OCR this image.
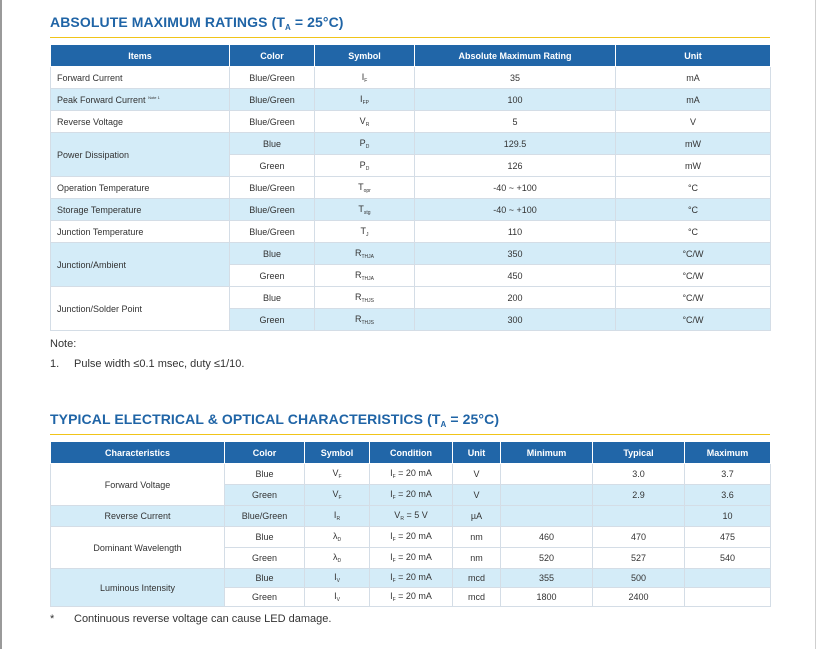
ABSOLUTE MAXIMUM RATINGS $(T_A = 25^\circ C)$
Items	Color	Symbol	Absolute Maximum Rating	Unit
Forward Current	Blue/Green	$I_F$	35	mA
Peak Forward Current $^{Note 1}$	Blue/Green	$I_{FP}$	100	mA
Reverse Voltage	Blue/Green	$V_R$	5	V
Power Dissipation	Blue	$P_D$	129.5	mW
	Green	$P_D$	126	mW
Operation Temperature	Blue/Green	$T_{opr}$	-40 ~ +100	°C
Storage Temperature	Blue/Green	$T_{stg}$	-40 ~ +100	°C
Junction Temperature	Blue/Green	$T_J$	110	°C
Junction/Ambient	Blue	$R_{THJA}$	350	°C/W
	Green	$R_{THJA}$	450	°C/W
Junction/Solder Point	Blue	$R_{THJS}$	200	°C/W
	Green	$R_{THJS}$	300	°C/W
Note:
1. Pulse width ≤0.1 msec, duty ≤1/10.
TYPICAL ELECTRICAL & OPTICAL CHARACTERISTICS $(T_A = 25^\circ C)$
Characteristics	Color	Symbol	Condition	Unit	Minimum	Typical	Maximum
Forward Voltage	Blue	$V_F$	$I_F = 20$ mA	V		3.0	3.7
	Green	$V_F$	$I_F = 20$ mA	V		2.9	3.6
Reverse Current	Blue/Green	$I_R$	$V_R = 5$ V	µA			10
Dominant Wavelength	Blue	$\lambda_D$	$I_F = 20$ mA	nm	460	470	475
	Green	$\lambda_D$	$I_F = 20$ mA	nm	520	527	540
Luminous Intensity	Blue	$I_V$	$I_F = 20$ mA	mcd	355	500	
	Green	$I_V$	$I_F = 20$ mA	mcd	1800	2400	
* Continuous reverse voltage can cause LED damage.
